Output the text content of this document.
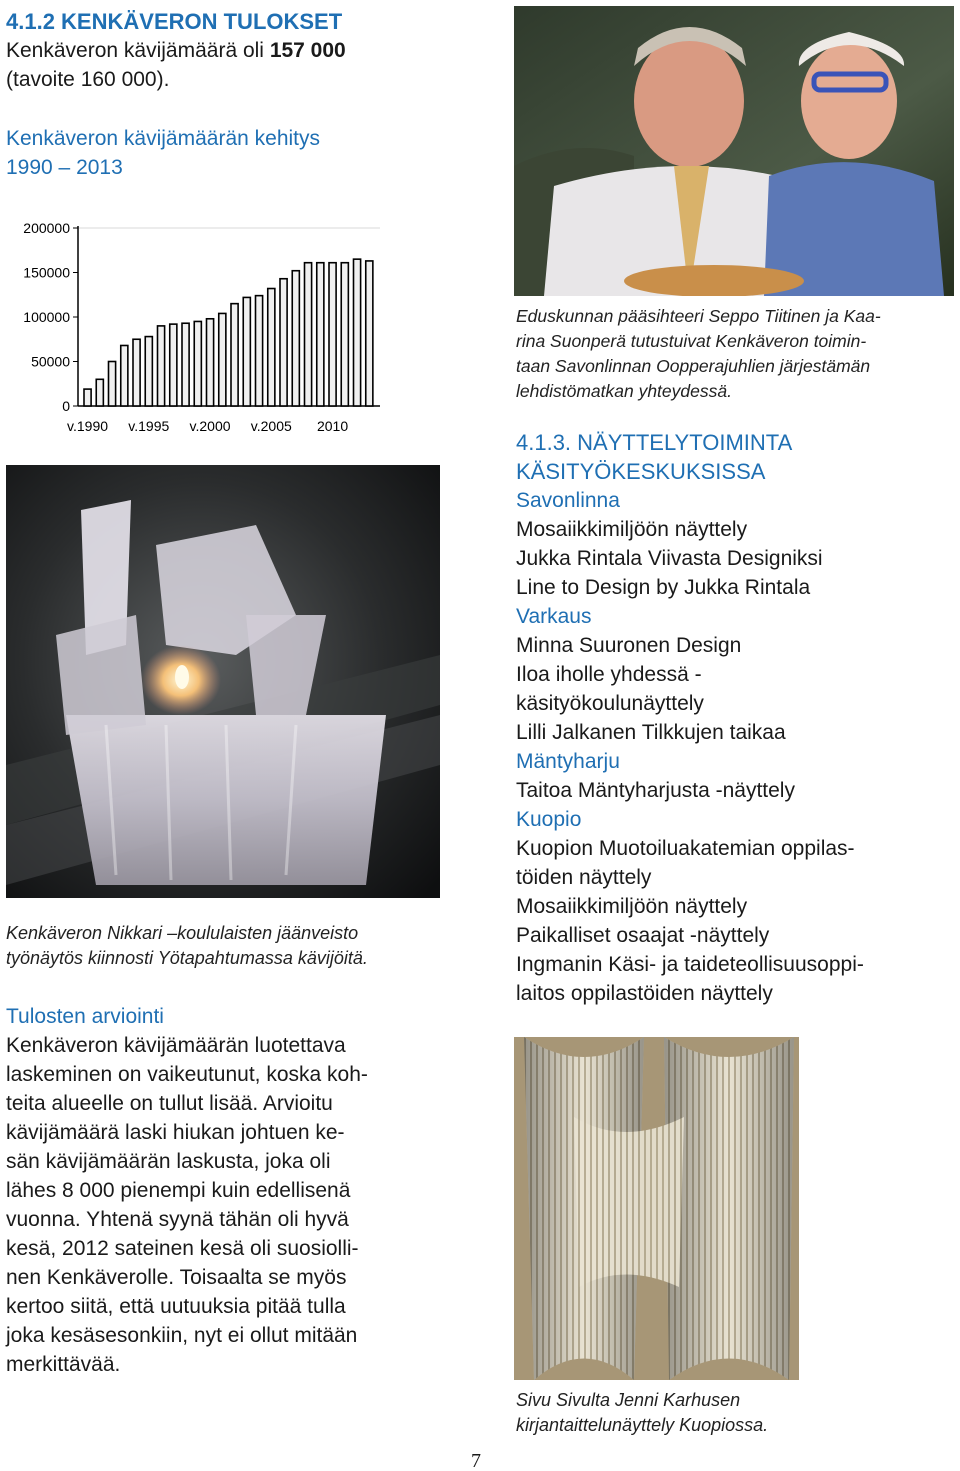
4.1.2 KENKÄVERON TULOKSET
Kenkäveron kävijämäärä oli 157 000
(tavoite 160 000).
Kenkäveron kävijämäärän kehitys
1990 – 2013
200000
150000
100000
50000
0
v.1990 v.1995 v.2000 v.2005 2010
Kenkäveron Nikkari –koululaisten jäänveisto
työnäytös kiinnosti Yötapahtumassa kävijöitä.
Tulosten arviointi
Kenkäveron kävijämäärän luotettava
laskeminen on vaikeutunut, koska koh-
teita alueelle on tullut lisää. Arvioitu
kävijämäärä laski hiukan johtuen ke-
sän kävijämäärän laskusta, joka oli
lähes 8 000 pienempi kuin edellisenä
vuonna. Yhtenä syynä tähän oli hyvä
kesä, 2012 sateinen kesä oli suosiolli-
nen Kenkäverolle. Toisaalta se myös
kertoo siitä, että uutuuksia pitää tulla
joka kesäsesonkiin, nyt ei ollut mitään
merkittävää.
7
Eduskunnan pääsihteeri Seppo Tiitinen ja Kaa-
rina Suonperä tutustuivat Kenkäveron toimin-
taan Savonlinnan Oopperajuhlien järjestämän
lehdistömatkan yhteydessä.
4.1.3. NÄYTTELYTOIMINTA
KÄSITYÖKESKUKSISSA
Savonlinna
Mosaiikkimiljöön näyttely
Jukka Rintala Viivasta Designiksi
Line to Design by Jukka Rintala
Varkaus
Minna Suuronen Design
Iloa iholle yhdessä -
käsityökoulunäyttely
Lilli Jalkanen Tilkkujen taikaa
Mäntyharju
Taitoa Mäntyharjusta -näyttely
Kuopio
Kuopion Muotoiluakatemian oppilas-
töiden näyttely
Mosaiikkimiljöön näyttely
Paikalliset osaajat -näyttely
Ingmanin Käsi- ja taideteollisuusoppi-
laitos oppilastöiden näyttely
Sivu Sivulta Jenni Karhusen
kirjantaittelunäyttely Kuopiossa.
